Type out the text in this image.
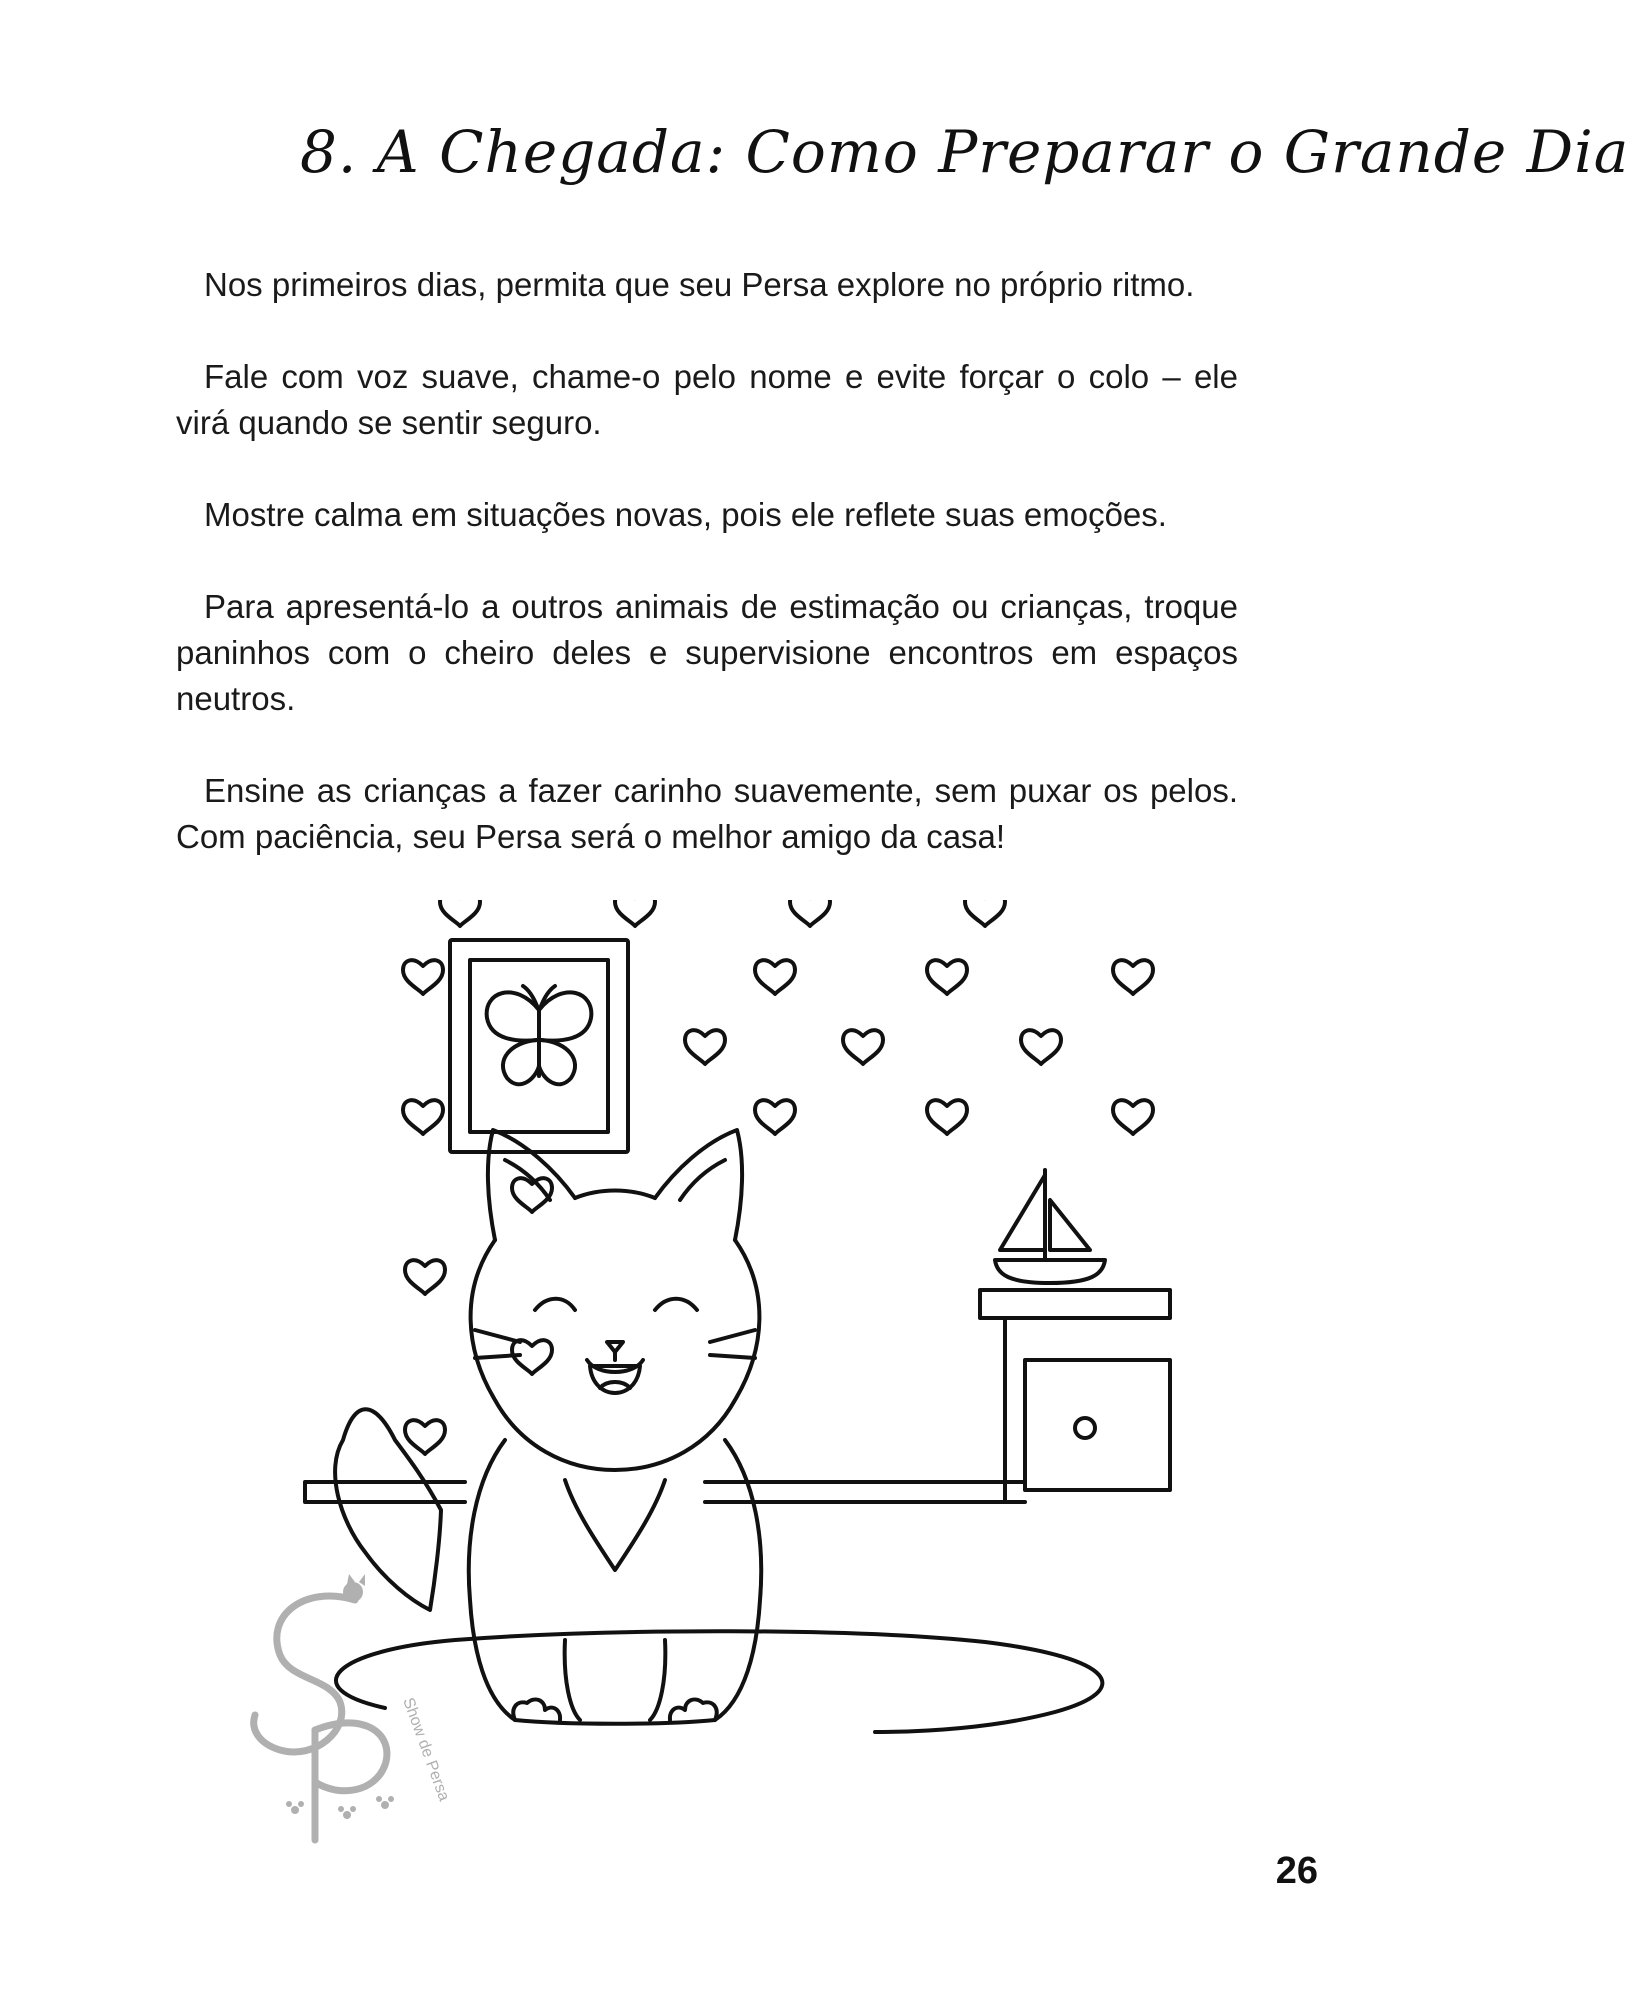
8. A Chegada: Como Preparar o Grande Dia

Nos primeiros dias, permita que seu Persa explore no próprio ritmo.

Fale com voz suave, chame-o pelo nome e evite forçar o colo – ele virá quando se sentir seguro.

Mostre calma em situações novas, pois ele reflete suas emoções.

Para apresentá-lo a outros animais de estimação ou crianças, troque paninhos com o cheiro deles e supervisione encontros em espaços neutros.

Ensine as crianças a fazer carinho suavemente, sem puxar os pelos. Com paciência, seu Persa será o melhor amigo da casa!

Show de Persa
26
